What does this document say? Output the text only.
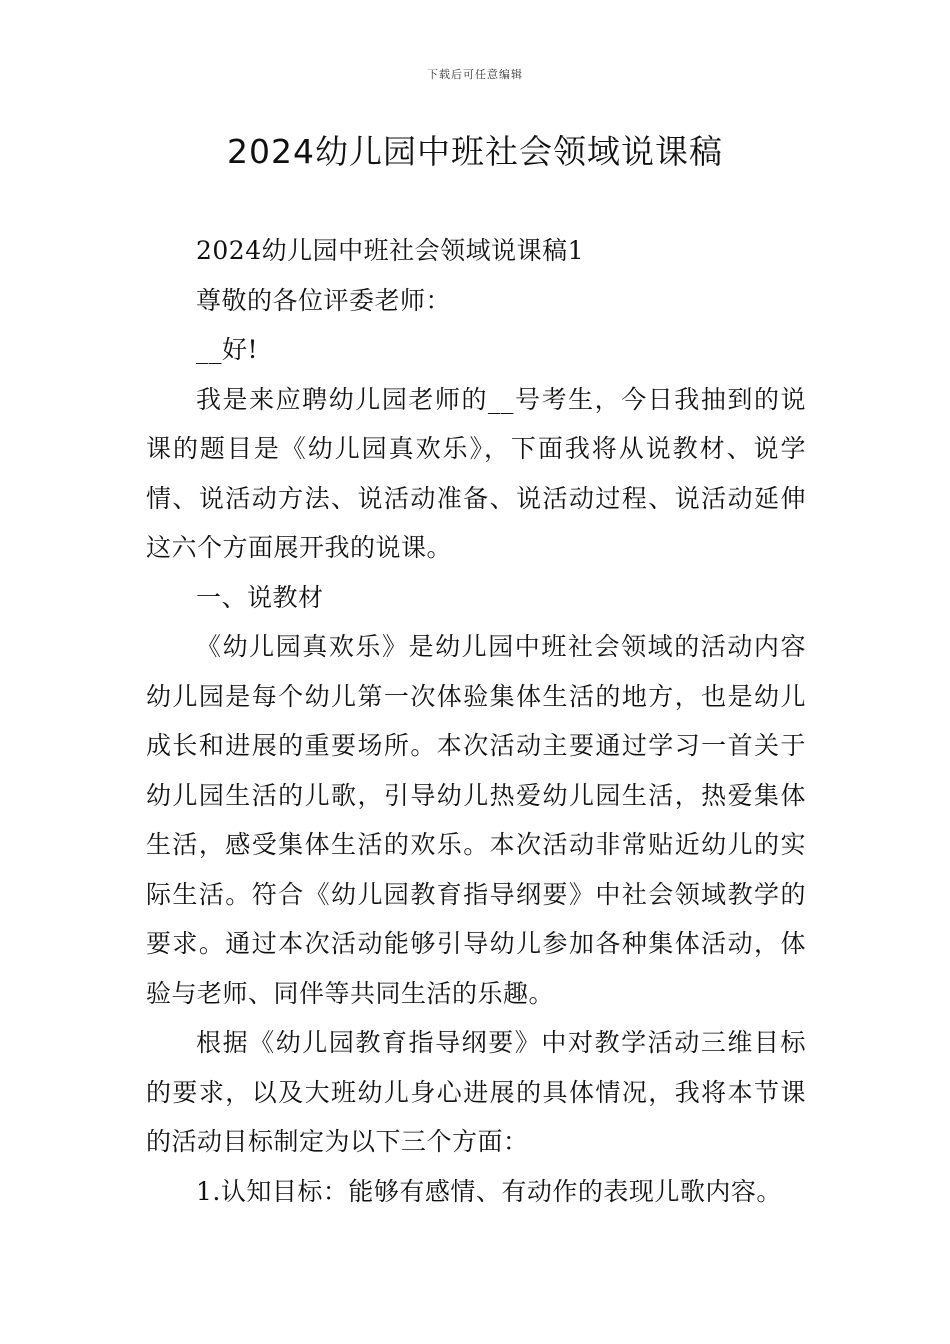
下载后可任意编辑
2024幼儿园中班社会领域说课稿

2024幼儿园中班社会领域说课稿1

尊敬的各位评委老师：

__好!

我是来应聘幼儿园老师的__号考生，今日我抽到的说课的题目是《幼儿园真欢乐》，下面我将从说教材、说学情、说活动方法、说活动准备、说活动过程、说活动延伸这六个方面展开我的说课。

一、说教材

《幼儿园真欢乐》是幼儿园中班社会领域的活动内容幼儿园是每个幼儿第一次体验集体生活的地方，也是幼儿成长和进展的重要场所。本次活动主要通过学习一首关于幼儿园生活的儿歌，引导幼儿热爱幼儿园生活，热爱集体生活，感受集体生活的欢乐。本次活动非常贴近幼儿的实际生活。符合《幼儿园教育指导纲要》中社会领域教学的要求。通过本次活动能够引导幼儿参加各种集体活动，体验与老师、同伴等共同生活的乐趣。

根据《幼儿园教育指导纲要》中对教学活动三维目标的要求，以及大班幼儿身心进展的具体情况，我将本节课的活动目标制定为以下三个方面：

1.认知目标：能够有感情、有动作的表现儿歌内容。
